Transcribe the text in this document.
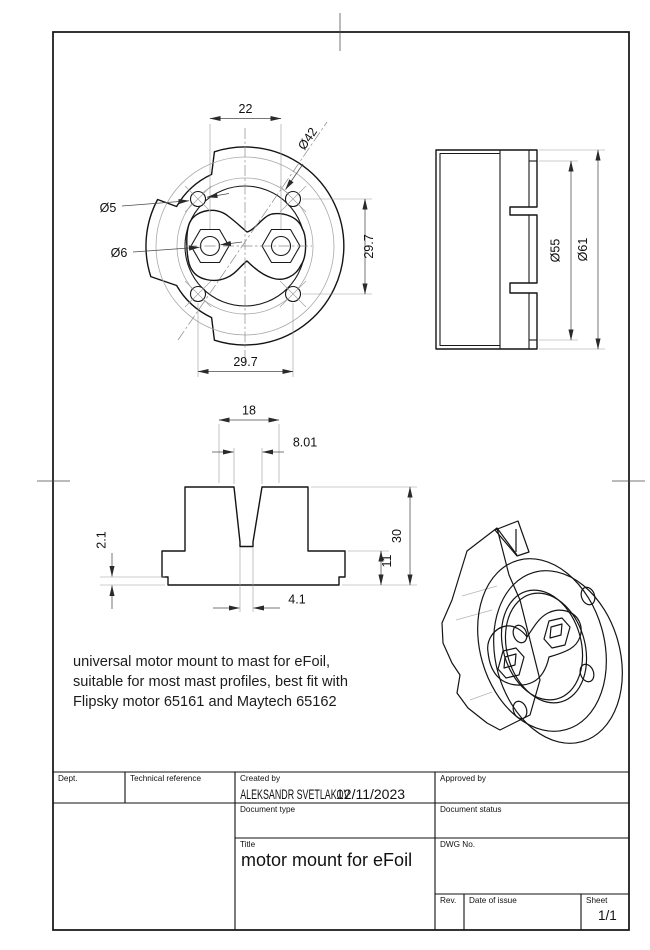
22
Ø42
Ø5
Ø6	29.7
29.7
Ø55 Ø61
18
8.01
2.1	30
11
4.1
universal motor mount to mast for eFoil,
suitable for most mast profiles, best fit with
Flipsky motor 65161 and Maytech 65162
Dept.	Technical reference	Created by	Approved by
ALEKSANDR SVETLAKOV
12/11/2023
Document type	Document status
Title
motor mount for eFoil
DWG No.
Rev. Date of issue	Sheet
1/1
